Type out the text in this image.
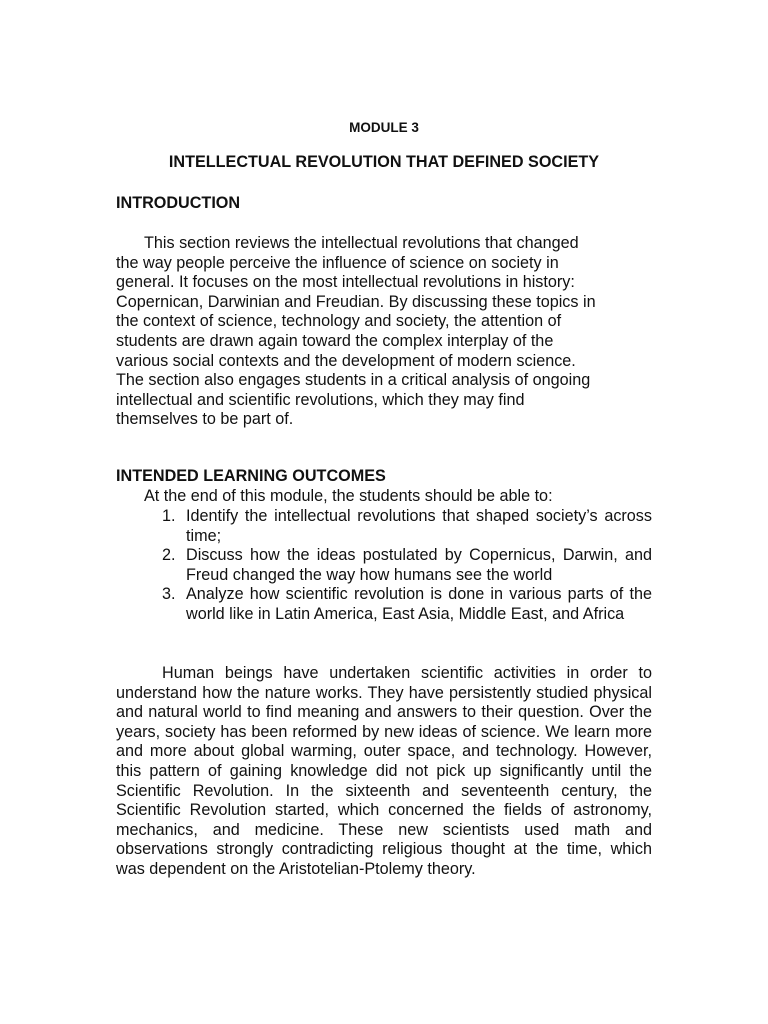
MODULE 3

INTELLECTUAL REVOLUTION THAT DEFINED SOCIETY
INTRODUCTION

This section reviews the intellectual revolutions that changed
the way people perceive the influence of science on society in
general. It focuses on the most intellectual revolutions in history:
Copernican, Darwinian and Freudian. By discussing these topics in
the context of science, technology and society, the attention of
students are drawn again toward the complex interplay of the
various social contexts and the development of modern science.
The section also engages students in a critical analysis of ongoing
intellectual and scientific revolutions, which they may find
themselves to be part of.

INTENDED LEARNING OUTCOMES

At the end of this module, the students should be able to:

1. Identify the intellectual revolutions that shaped society’s across time;
2. Discuss how the ideas postulated by Copernicus, Darwin, and Freud changed the way how humans see the world
3. Analyze how scientific revolution is done in various parts of the world like in Latin America, East Asia, Middle East, and Africa

Human beings have undertaken scientific activities in order to understand how the nature works. They have persistently studied physical and natural world to find meaning and answers to their question. Over the years, society has been reformed by new ideas of science. We learn more and more about global warming, outer space, and technology. However, this pattern of gaining knowledge did not pick up significantly until the Scientific Revolution. In the sixteenth and seventeenth century, the Scientific Revolution started, which concerned the fields of astronomy, mechanics, and medicine. These new scientists used math and observations strongly contradicting religious thought at the time, which was dependent on the Aristotelian-Ptolemy theory.
